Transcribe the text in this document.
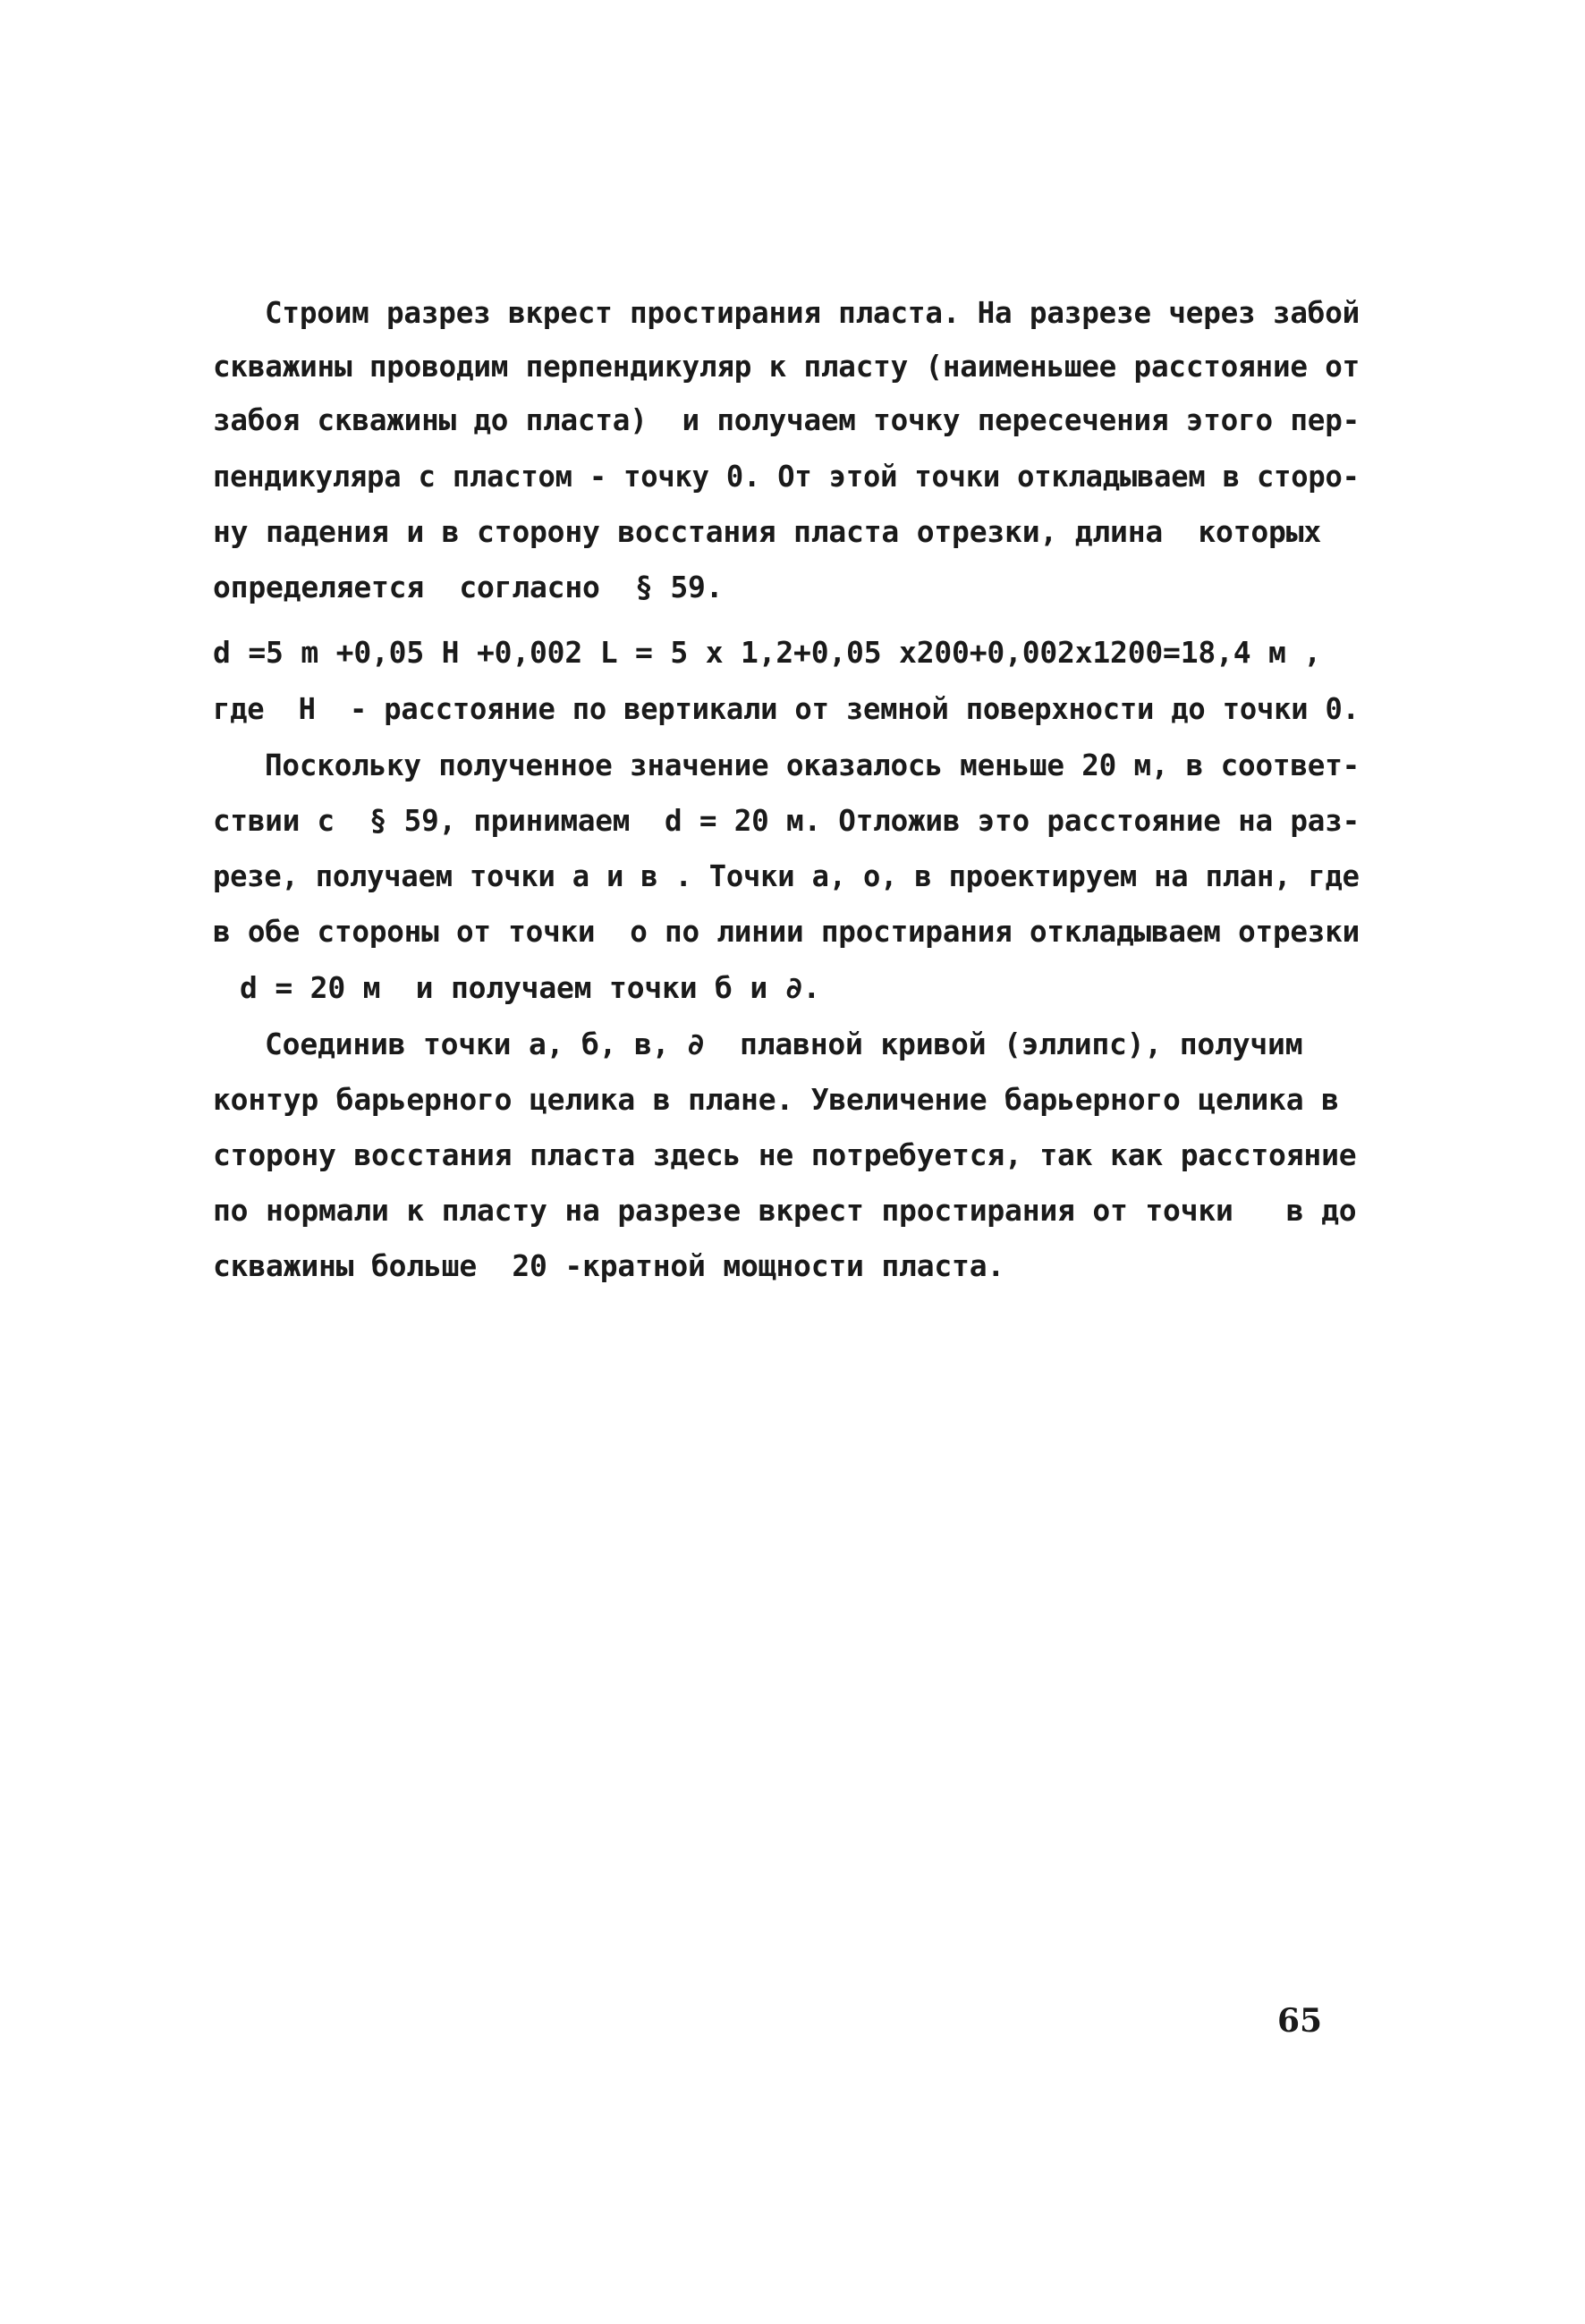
Строим разрез вкрест простирания пласта. На разрезе через забой
скважины проводим перпендикуляр к пласту (наименьшее расстояние от
забоя скважины до пласта)  и получаем точку пересечения этого пер-
пендикуляра с пластом - точку 0. От этой точки откладываем в сторо-
ну падения и в сторону восстания пласта отрезки, длина  которых
определяется  согласно  § 59.
d =5 m +0,05 H +0,002 L = 5 x 1,2+0,05 x200+0,002x1200=18,4 м ,
где  H  - расстояние по вертикали от земной поверхности до точки 0.
Поскольку полученное значение оказалось меньше 20 м, в соответ-
ствии с  § 59, принимаем  d = 20 м. Отложив это расстояние на раз-
резе, получаем точки а и в . Точки а, о, в проектируем на план, где
в обе стороны от точки  о по линии простирания откладываем отрезки
d = 20 м  и получаем точки б и ∂.
Соединив точки а, б, в, ∂  плавной кривой (эллипс), получим
контур барьерного целика в плане. Увеличение барьерного целика в
сторону восстания пласта здесь не потребуется, так как расстояние
по нормали к пласту на разрезе вкрест простирания от точки   в до
скважины больше  20 -кратной мощности пласта.
65
